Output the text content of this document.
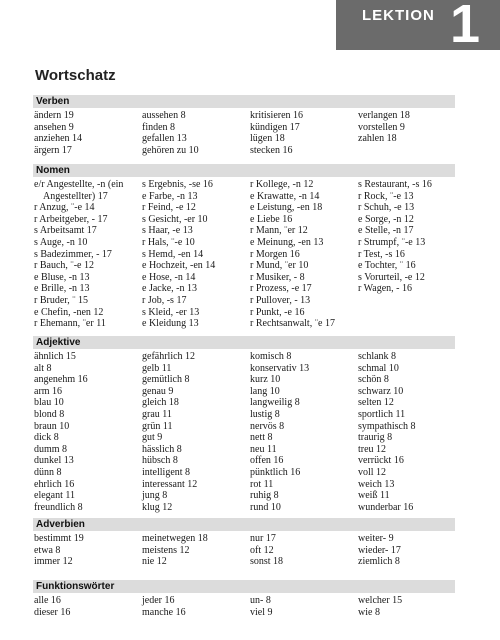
LEKTION 1
Wortschatz
Verben
ändern 19
ansehen 9
anziehen 14
ärgern 17
aussehen 8
finden 8
gefallen 13
gehören zu 10
kritisieren 16
kündigen 17
lügen 18
stecken 16
verlangen 18
vorstellen 9
zahlen 18
Nomen
e/r Angestellte, -n (ein
Angestellter) 17
r Anzug, ¨-e 14
r Arbeitgeber, - 17
s Arbeitsamt 17
s Auge, -n 10
s Badezimmer, - 17
r Bauch, ¨-e 12
e Bluse, -n 13
e Brille, -n 13
r Bruder, ¨ 15
e Chefin, -nen 12
r Ehemann, ¨er 11
s Ergebnis, -se 16
e Farbe, -n 13
r Feind, -e 12
s Gesicht, -er 10
s Haar, -e 13
r Hals, ¨-e 10
s Hemd, -en 14
e Hochzeit, -en 14
e Hose, -n 14
e Jacke, -n 13
r Job, -s 17
s Kleid, -er 13
e Kleidung 13
r Kollege, -n 12
e Krawatte, -n 14
e Leistung, -en 18
e Liebe 16
r Mann, ¨er 12
e Meinung, -en 13
r Morgen 16
r Mund, ¨er 10
r Musiker, - 8
r Prozess, -e 17
r Pullover, - 13
r Punkt, -e 16
r Rechtsanwalt, ¨e 17
s Restaurant, -s 16
r Rock, ¨-e 13
r Schuh, -e 13
e Sorge, -n 12
e Stelle, -n 17
r Strumpf, ¨-e 13
r Test, -s 16
e Tochter, ¨ 16
s Vorurteil, -e 12
r Wagen, - 16
Adjektive
ähnlich 15
alt 8
angenehm 16
arm 16
blau 10
blond 8
braun 10
dick 8
dumm 8
dunkel 13
dünn 8
ehrlich 16
elegant 11
freundlich 8
gefährlich 12
gelb 11
gemütlich 8
genau 9
gleich 18
grau 11
grün 11
gut 9
hässlich 8
hübsch 8
intelligent 8
interessant 12
jung 8
klug 12
komisch 8
konservativ 13
kurz 10
lang 10
langweilig 8
lustig 8
nervös 8
nett 8
neu 11
offen 16
pünktlich 16
rot 11
ruhig 8
rund 10
schlank 8
schmal 10
schön 8
schwarz 10
selten 12
sportlich 11
sympathisch 8
traurig 8
treu 12
verrückt 16
voll 12
weich 13
weiß 11
wunderbar 16
Adverbien
bestimmt 19
etwa 8
immer 12
meinetwegen 18
meistens 12
nie 12
nur 17
oft 12
sonst 18
weiter- 9
wieder- 17
ziemlich 8
Funktionswörter
alle 16
dieser 16
jeder 16
manche 16
un- 8
viel 9
welcher 15
wie 8
